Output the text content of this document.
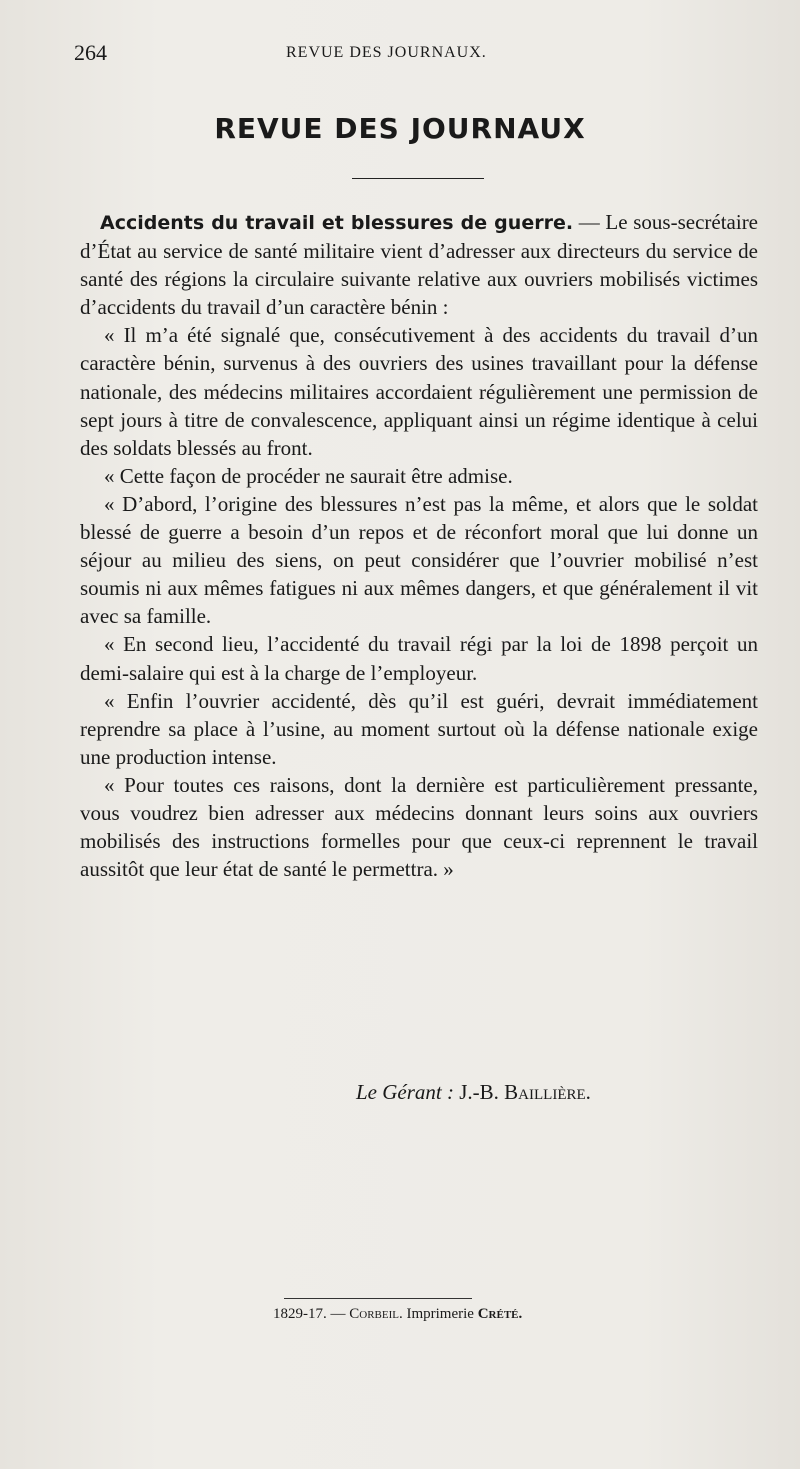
264	REVUE DES JOURNAUX.
REVUE DES JOURNAUX

Accidents du travail et blessures de guerre. — Le sous-secrétaire d’État au service de santé militaire vient d’adresser aux directeurs du service de santé des régions la circulaire suivante relative aux ouvriers mobilisés victimes d’accidents du travail d’un caractère bénin :

« Il m’a été signalé que, consécutivement à des accidents du travail d’un caractère bénin, survenus à des ouvriers des usines travaillant pour la défense nationale, des médecins militaires accordaient régulièrement une permission de sept jours à titre de convalescence, appliquant ainsi un régime identique à celui des soldats blessés au front.

« Cette façon de procéder ne saurait être admise.

« D’abord, l’origine des blessures n’est pas la même, et alors que le soldat blessé de guerre a besoin d’un repos et de réconfort moral que lui donne un séjour au milieu des siens, on peut considérer que l’ouvrier mobilisé n’est soumis ni aux mêmes fatigues ni aux mêmes dangers, et que généralement il vit avec sa famille.

« En second lieu, l’accidenté du travail régi par la loi de 1898 perçoit un demi-salaire qui est à la charge de l’employeur.

« Enfin l’ouvrier accidenté, dès qu’il est guéri, devrait immédiatement reprendre sa place à l’usine, au moment surtout où la défense nationale exige une production intense.

« Pour toutes ces raisons, dont la dernière est particulièrement pressante, vous voudrez bien adresser aux médecins donnant leurs soins aux ouvriers mobilisés des instructions formelles pour que ceux-ci reprennent le travail aussitôt que leur état de santé le permettra. »

Le Gérant : J.-B. Baillière.
1829-17. — Corbeil. Imprimerie Crété.
